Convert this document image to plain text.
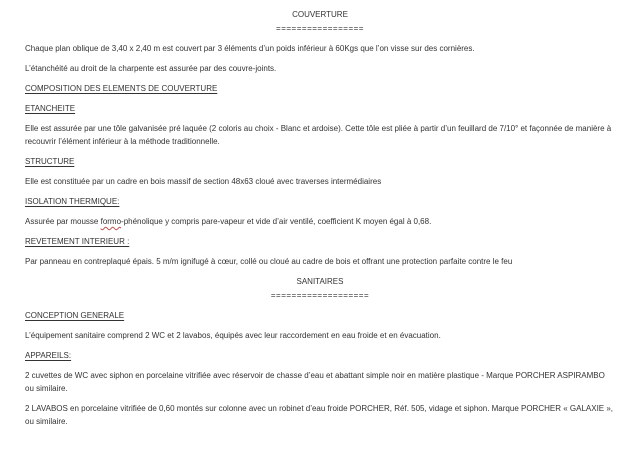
COUVERTURE
=================

Chaque plan oblique de 3,40 x 2,40 m est couvert par 3 éléments d’un poids inférieur à 60Kgs que l’on visse sur des cornières.

L’étanchéité au droit de la charpente est assurée par des couvre-joints.

COMPOSITION DES ELEMENTS DE COUVERTURE

ETANCHEITE

Elle est assurée par une tôle galvanisée pré laquée (2 coloris au choix - Blanc et ardoise). Cette tôle est pliée à partir d’un feuillard de 7/10° et façonnée de manière à recouvrir l’élément inférieur à la méthode traditionnelle.

STRUCTURE

Elle est constituée par un cadre en bois massif de section 48x63 cloué avec traverses intermédiaires

ISOLATION THERMIQUE:

Assurée par mousse formo-phénolique y compris pare-vapeur et vide d’air ventilé, coefficient K moyen égal à 0,68.

REVETEMENT INTERIEUR :

Par panneau en contreplaqué épais. 5 m/m ignifugé à cœur, collé ou cloué au cadre de bois et offrant une protection parfaite contre le feu

SANITAIRES
===================

CONCEPTION GENERALE

L’équipement sanitaire comprend 2 WC et 2 lavabos, équipés avec leur raccordement en eau froide et en évacuation.

APPAREILS:

2 cuvettes de WC avec siphon en porcelaine vitrifiée avec réservoir de chasse d’eau et abattant simple noir en matière plastique - Marque PORCHER ASPIRAMBO ou similaire.

2 LAVABOS en porcelaine vitrifiée de 0,60 montés sur colonne avec un robinet d’eau froide PORCHER, Réf. 505, vidage et siphon. Marque PORCHER « GALAXIE », ou similaire.
